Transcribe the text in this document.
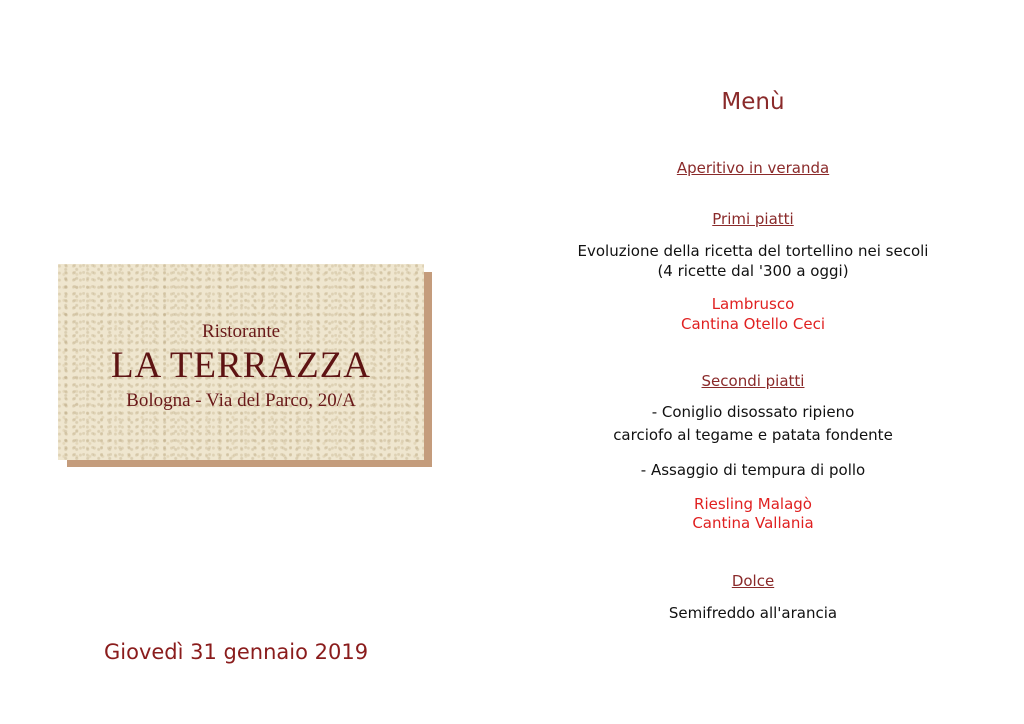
Ristorante
LA TERRAZZA
Bologna - Via del Parco, 20/A
Giovedì 31 gennaio 2019
Menù
Aperitivo in veranda
Primi piatti
Evoluzione della ricetta del tortellino nei secoli
(4 ricette dal '300 a oggi)
Lambrusco
Cantina Otello Ceci
Secondi piatti
- Coniglio disossato ripieno
carciofo al tegame e patata fondente
- Assaggio di tempura di pollo
Riesling Malagò
Cantina Vallania
Dolce
Semifreddo all'arancia
